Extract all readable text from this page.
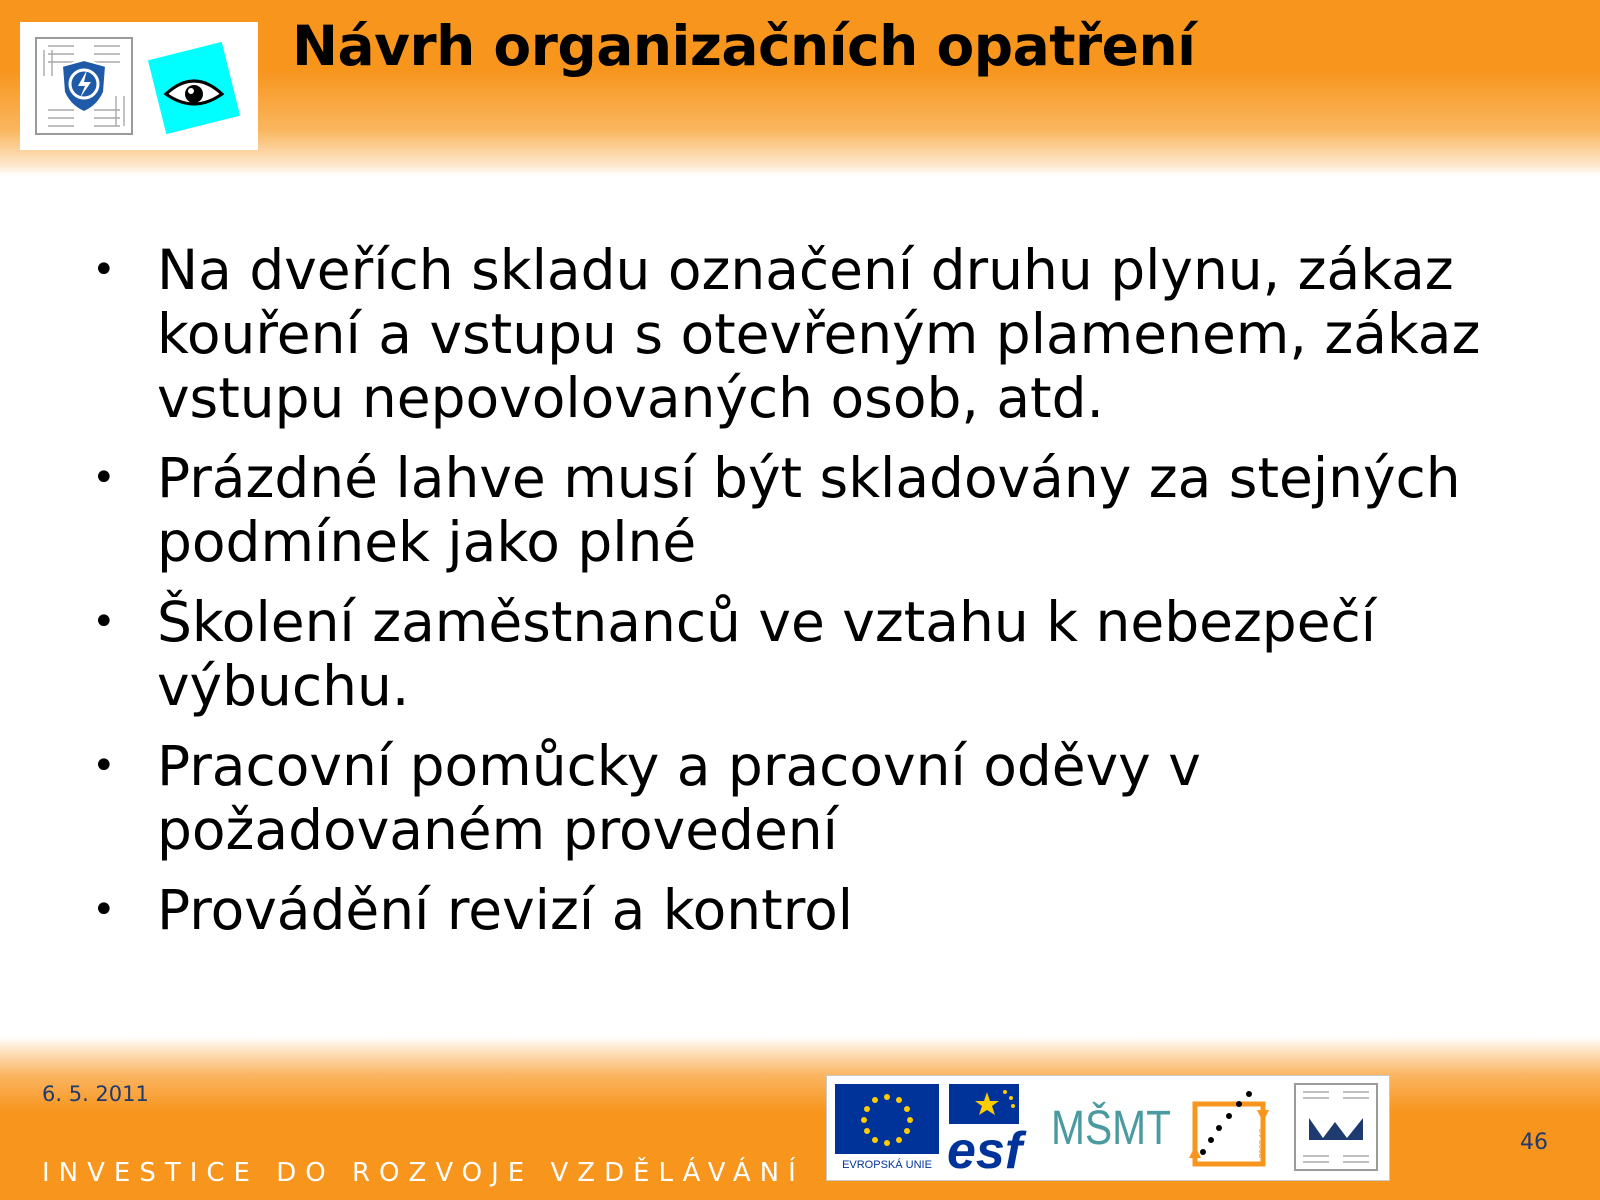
Návrh organizačních opatření
• Na dveřích skladu označení druhu plynu, zákaz kouření a vstupu s otevřeným plamenem, zákaz vstupu nepovolovaných osob, atd.
• Prázdné lahve musí být skladovány za stejných podmínek jako plné
• Školení zaměstnanců ve vztahu k nebezpečí výbuchu.
• Pracovní pomůcky a pracovní oděvy v požadovaném provedení
• Provádění revizí a kontrol
6. 5. 2011
INVESTICE DO ROZVOJE VZDĚLÁVÁNÍ
46
EVROPSKÁ UNIE esf MŠMT	2007-13
